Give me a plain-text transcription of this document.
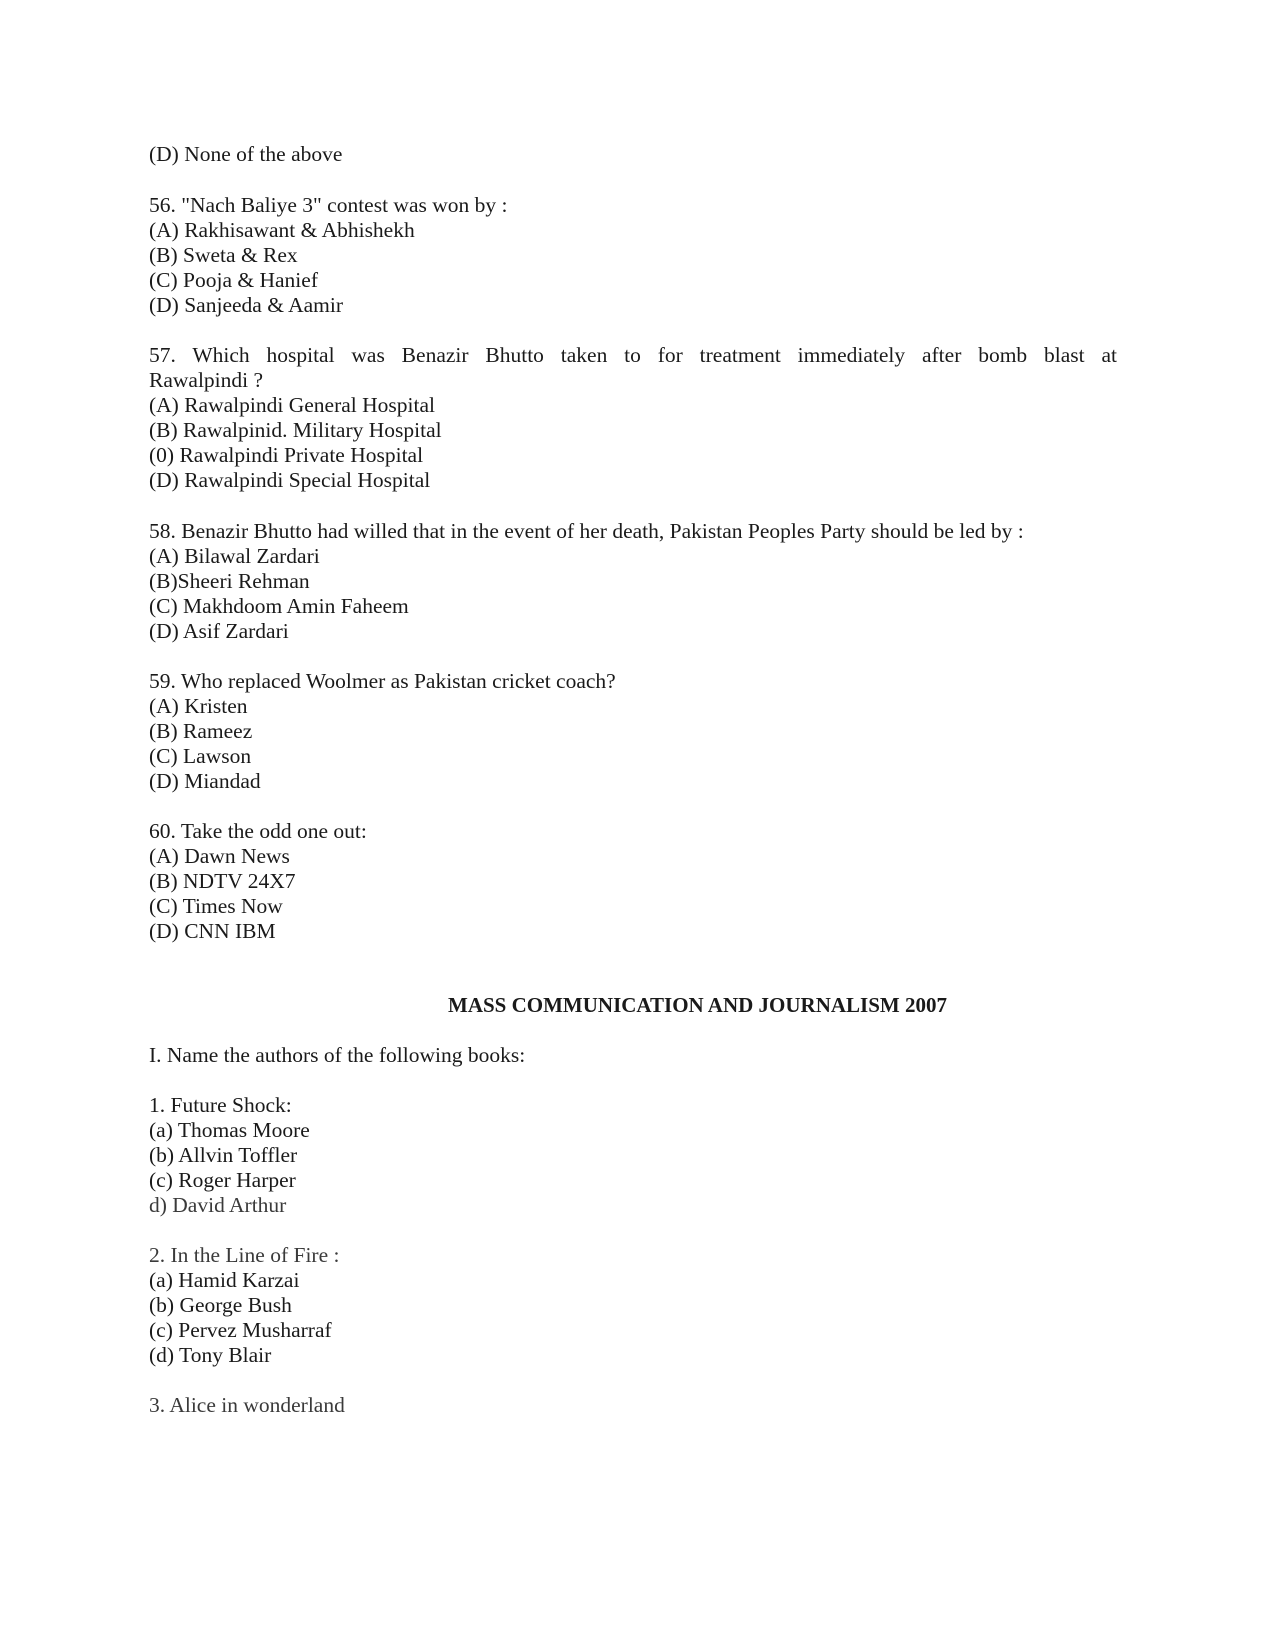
(D) None of the above
56. "Nach Baliye 3" contest was won by :
(A) Rakhisawant & Abhishekh
(B) Sweta & Rex
(C) Pooja & Hanief
(D) Sanjeeda & Aamir
57. Which hospital was Benazir Bhutto taken to for treatment immediately after bomb blast at
Rawalpindi ?
(A) Rawalpindi General Hospital
(B) Rawalpinid. Military Hospital
(0) Rawalpindi Private Hospital
(D) Rawalpindi Special Hospital
58. Benazir Bhutto had willed that in the event of her death, Pakistan Peoples Party should be led by :
(A) Bilawal Zardari
(B)Sheeri Rehman
(C) Makhdoom Amin Faheem
(D) Asif Zardari
59. Who replaced Woolmer as Pakistan cricket coach?
(A) Kristen
(B) Rameez
(C) Lawson
(D) Miandad
60. Take the odd one out:
(A) Dawn News
(B) NDTV 24X7
(C) Times Now
(D) CNN IBM
MASS COMMUNICATION AND JOURNALISM 2007
I. Name the authors of the following books:
1. Future Shock:
(a) Thomas Moore
(b) Allvin Toffler
(c) Roger Harper
d) David Arthur
2. In the Line of Fire :
(a) Hamid Karzai
(b) George Bush
(c) Pervez Musharraf
(d) Tony Blair
3. Alice in wonderland
